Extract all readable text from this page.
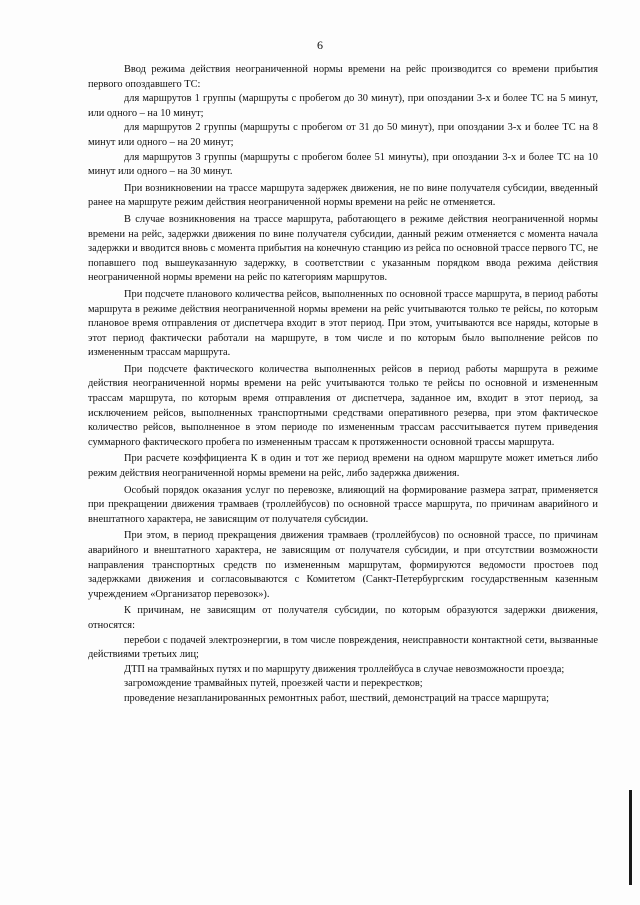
6

Ввод режима действия неограниченной нормы времени на рейс производится со времени прибытия первого опоздавшего ТС:

для маршрутов 1 группы (маршруты с пробегом до 30 минут), при опоздании 3-х и более ТС на 5 минут, или одного – на 10 минут;

для маршрутов 2 группы (маршруты с пробегом от 31 до 50 минут), при опоздании 3-х и более ТС на 8 минут или одного – на 20 минут;

для маршрутов 3 группы (маршруты с пробегом более 51 минуты), при опоздании 3-х и более ТС на 10 минут или одного – на 30 минут.

При возникновении на трассе маршрута задержек движения, не по вине получателя субсидии, введенный ранее на маршруте режим действия неограниченной нормы времени на рейс не отменяется.

В случае возникновения на трассе маршрута, работающего в режиме действия неограниченной нормы времени на рейс, задержки движения по вине получателя субсидии, данный режим отменяется с момента начала задержки и вводится вновь с момента прибытия на конечную станцию из рейса по основной трассе первого ТС, не попавшего под вышеуказанную задержку, в соответствии с указанным порядком ввода режима действия неограниченной нормы времени на рейс по категориям маршрутов.

При подсчете планового количества рейсов, выполненных по основной трассе маршрута, в период работы маршрута в режиме действия неограниченной нормы времени на рейс учитываются только те рейсы, по которым плановое время отправления от диспетчера входит в этот период. При этом, учитываются все наряды, которые в этот период фактически работали на маршруте, в том числе и по которым было выполнение рейсов по измененным трассам маршрута.

При подсчете фактического количества выполненных рейсов в период работы маршрута в режиме действия неограниченной нормы времени на рейс учитываются только те рейсы по основной и измененным трассам маршрута, по которым время отправления от диспетчера, заданное им, входит в этот период, за исключением рейсов, выполненных транспортными средствами оперативного резерва, при этом фактическое количество рейсов, выполненное в этом периоде по измененным трассам рассчитывается путем приведения суммарного фактического пробега по измененным трассам к протяженности основной трассы маршрута.

При расчете коэффициента К в один и тот же период времени на одном маршруте может иметься либо режим действия неограниченной нормы времени на рейс, либо задержка движения.

Особый порядок оказания услуг по перевозке, влияющий на формирование размера затрат, применяется при прекращении движения трамваев (троллейбусов) по основной трассе маршрута, по причинам аварийного и внештатного характера, не зависящим от получателя субсидии.

При этом, в период прекращения движения трамваев (троллейбусов) по основной трассе, по причинам аварийного и внештатного характера, не зависящим от получателя субсидии, и при отсутствии возможности направления транспортных средств по измененным маршрутам, формируются ведомости простоев под задержками движения и согласовываются с Комитетом (Санкт-Петербургским государственным казенным учреждением «Организатор перевозок»).

К причинам, не зависящим от получателя субсидии, по которым образуются задержки движения, относятся:

перебои с подачей электроэнергии, в том числе повреждения, неисправности контактной сети, вызванные действиями третьих лиц;

ДТП на трамвайных путях и по маршруту движения троллейбуса в случае невозможности проезда;

загромождение трамвайных путей, проезжей части и перекрестков;

проведение незапланированных ремонтных работ, шествий, демонстраций на трассе маршрута;
